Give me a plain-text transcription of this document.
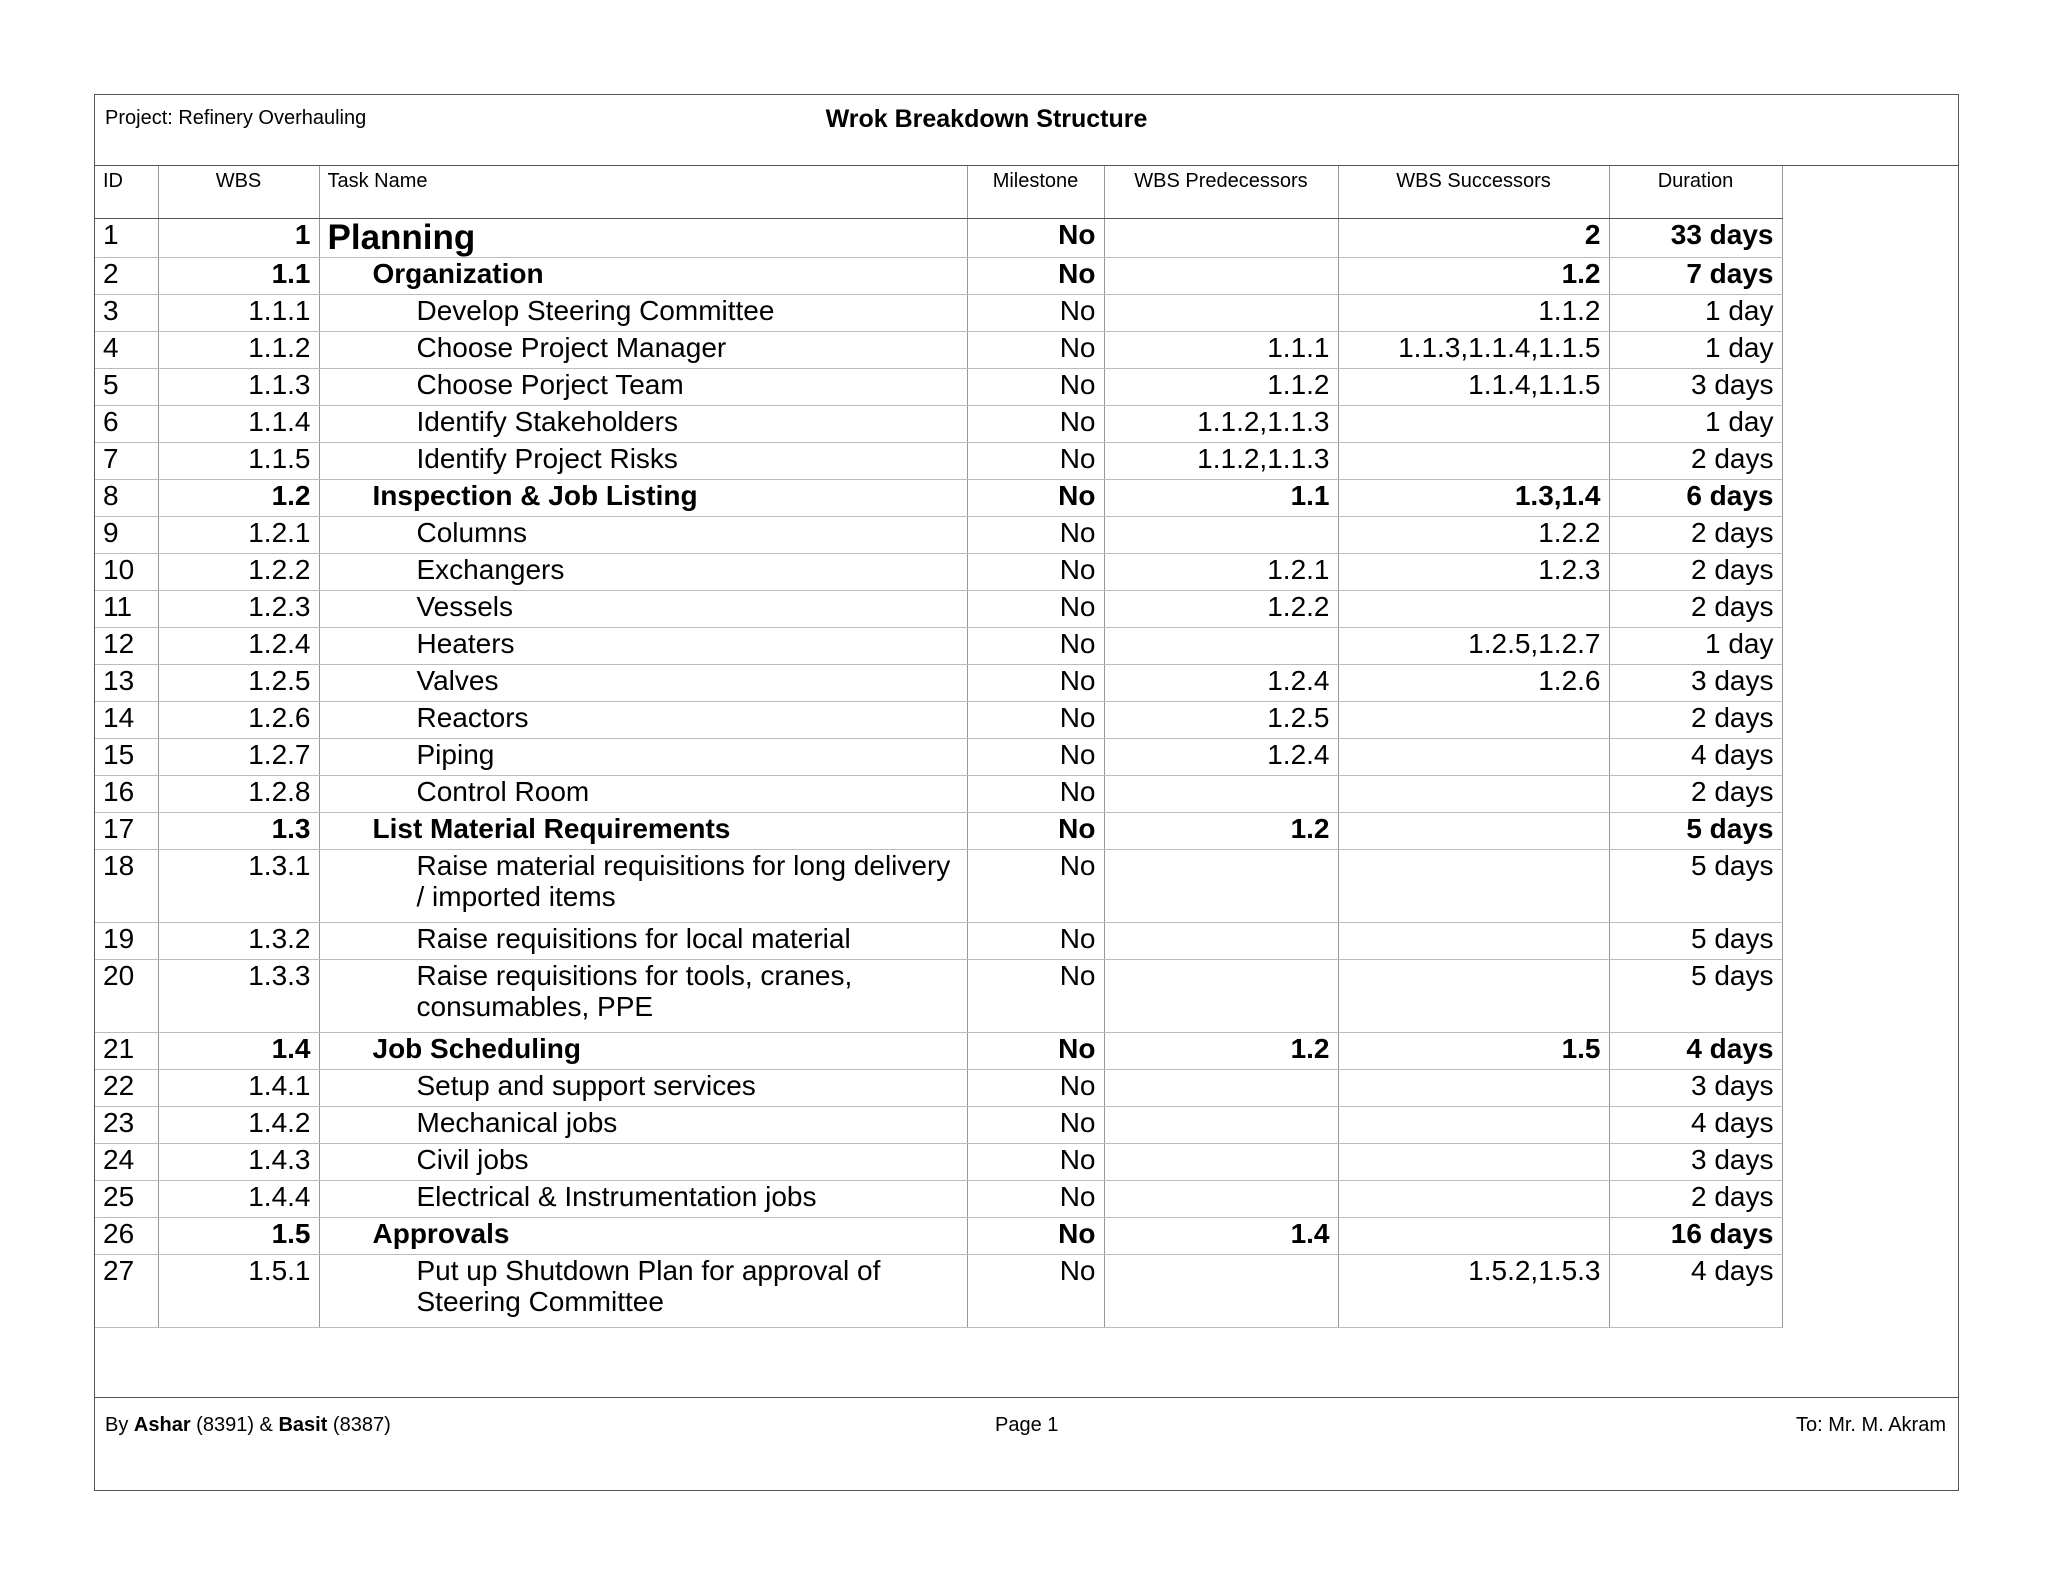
Project: Refinery Overhauling	Wrok Breakdown Structure
ID	WBS	Task Name	Milestone	WBS Predecessors	WBS Successors	Duration
1	1	Planning	No		2	33 days
2	1.1	Organization	No		1.2	7 days
3	1.1.1	Develop Steering Committee	No		1.1.2	1 day
4	1.1.2	Choose Project Manager	No	1.1.1	1.1.3,1.1.4,1.1.5	1 day
5	1.1.3	Choose Porject Team	No	1.1.2	1.1.4,1.1.5	3 days
6	1.1.4	Identify Stakeholders	No	1.1.2,1.1.3		1 day
7	1.1.5	Identify Project Risks	No	1.1.2,1.1.3		2 days
8	1.2	Inspection & Job Listing	No	1.1	1.3,1.4	6 days
9	1.2.1	Columns	No		1.2.2	2 days
10	1.2.2	Exchangers	No	1.2.1	1.2.3	2 days
11	1.2.3	Vessels	No	1.2.2		2 days
12	1.2.4	Heaters	No		1.2.5,1.2.7	1 day
13	1.2.5	Valves	No	1.2.4	1.2.6	3 days
14	1.2.6	Reactors	No	1.2.5		2 days
15	1.2.7	Piping	No	1.2.4		4 days
16	1.2.8	Control Room	No			2 days
17	1.3	List Material Requirements	No	1.2		5 days
18	1.3.1	Raise material requisitions for long delivery / imported items	No			5 days
19	1.3.2	Raise requisitions for local material	No			5 days
20	1.3.3	Raise requisitions for tools, cranes, consumables, PPE	No			5 days
21	1.4	Job Scheduling	No	1.2	1.5	4 days
22	1.4.1	Setup and support services	No			3 days
23	1.4.2	Mechanical jobs	No			4 days
24	1.4.3	Civil jobs	No			3 days
25	1.4.4	Electrical & Instrumentation jobs	No			2 days
26	1.5	Approvals	No	1.4		16 days
27	1.5.1	Put up Shutdown Plan for approval of Steering Committee	No		1.5.2,1.5.3	4 days
By Ashar (8391) & Basit (8387)	Page 1	To: Mr. M. Akram
